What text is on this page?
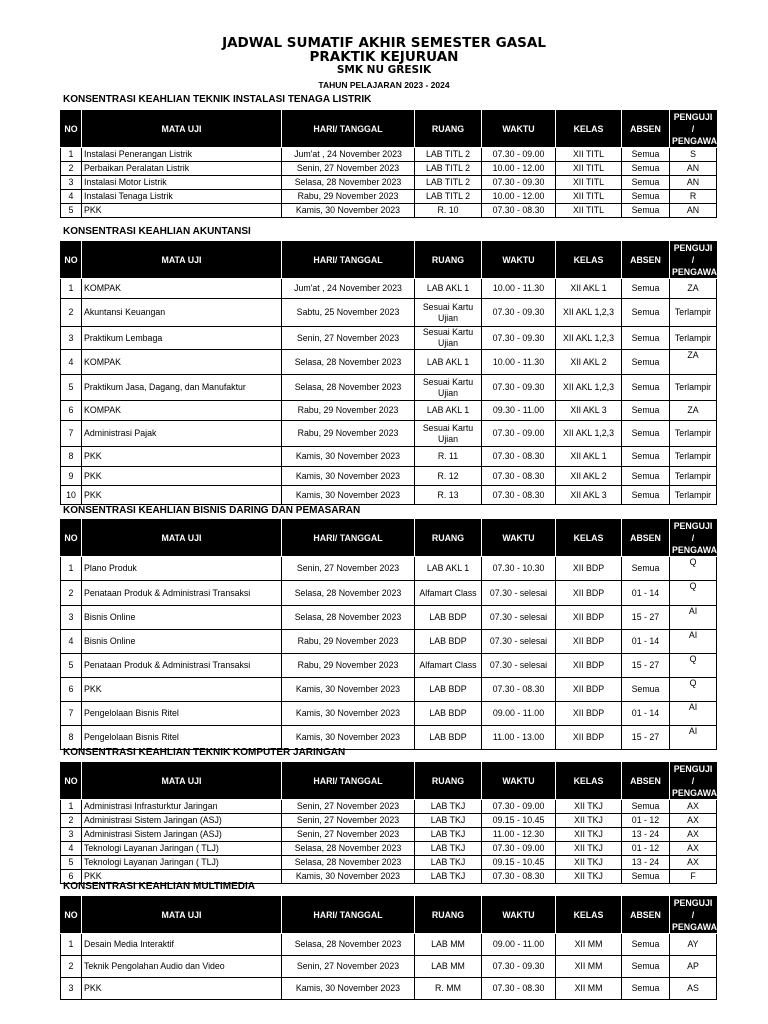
JADWAL SUMATIF AKHIR SEMESTER GASAL
PRAKTIK KEJURUAN
SMK NU GRESIK
TAHUN PELAJARAN 2023 - 2024
KONSENTRASI KEAHLIAN TEKNIK INSTALASI TENAGA LISTRIK
NO	MATA UJI	HARI/ TANGGAL	RUANG	WAKTU	KELAS	ABSEN	PENGUJI / PENGAWAS
1	Instalasi Penerangan Listrik	Jum'at , 24 November 2023	LAB TITL 2	07.30 - 09.00	XII TITL	Semua	S
2	Perbaikan Peralatan Listrik	Senin, 27 November 2023	LAB TITL 2	10.00 - 12.00	XII TITL	Semua	AN
3	Instalasi Motor Listrik	Selasa, 28 November 2023	LAB TITL 2	07.30 - 09.30	XII TITL	Semua	AN
4	Instalasi Tenaga Listrik	Rabu, 29 November 2023	LAB TITL 2	10.00 - 12.00	XII TITL	Semua	R
5	PKK	Kamis, 30 November 2023	R. 10	07.30 - 08.30	XII TITL	Semua	AN
KONSENTRASI KEAHLIAN AKUNTANSI
NO	MATA UJI	HARI/ TANGGAL	RUANG	WAKTU	KELAS	ABSEN	PENGUJI / PENGAWAS
1	KOMPAK	Jum'at , 24 November 2023	LAB AKL 1	10.00 - 11.30	XII AKL 1	Semua	ZA
2	Akuntansi Keuangan	Sabtu, 25 November 2023	Sesuai Kartu Ujian	07.30 - 09.30	XII AKL 1,2,3	Semua	Terlampir
3	Praktikum Lembaga	Senin, 27 November 2023	Sesuai Kartu Ujian	07.30 - 09.30	XII AKL 1,2,3	Semua	Terlampir
4	KOMPAK	Selasa, 28 November 2023	LAB AKL 1	10.00 - 11.30	XII AKL 2	Semua	ZA
5	Praktikum Jasa, Dagang, dan Manufaktur	Selasa, 28 November 2023	Sesuai Kartu Ujian	07.30 - 09.30	XII AKL 1,2,3	Semua	Terlampir
6	KOMPAK	Rabu, 29 November 2023	LAB AKL 1	09.30 - 11.00	XII AKL 3	Semua	ZA
7	Administrasi Pajak	Rabu, 29 November 2023	Sesuai Kartu Ujian	07.30 - 09.00	XII AKL 1,2,3	Semua	Terlampir
8	PKK	Kamis, 30 November 2023	R. 11	07.30 - 08.30	XII AKL 1	Semua	Terlampir
9	PKK	Kamis, 30 November 2023	R. 12	07.30 - 08.30	XII AKL 2	Semua	Terlampir
10	PKK	Kamis, 30 November 2023	R. 13	07.30 - 08.30	XII AKL 3	Semua	Terlampir
KONSENTRASI KEAHLIAN BISNIS DARING DAN PEMASARAN
NO	MATA UJI	HARI/ TANGGAL	RUANG	WAKTU	KELAS	ABSEN	PENGUJI / PENGAWAS
1	Plano Produk	Senin, 27 November 2023	LAB AKL 1	07.30 - 10.30	XII BDP	Semua	Q
2	Penataan Produk & Administrasi Transaksi	Selasa, 28 November 2023	Alfamart Class	07.30 - selesai	XII BDP	01 - 14	Q
3	Bisnis Online	Selasa, 28 November 2023	LAB BDP	07.30 - selesai	XII BDP	15 - 27	AI
4	Bisnis Online	Rabu, 29 November 2023	LAB BDP	07.30 - selesai	XII BDP	01 - 14	AI
5	Penataan Produk & Administrasi Transaksi	Rabu, 29 November 2023	Alfamart Class	07.30 - selesai	XII BDP	15 - 27	Q
6	PKK	Kamis, 30 November 2023	LAB BDP	07.30 - 08.30	XII BDP	Semua	Q
7	Pengelolaan Bisnis Ritel	Kamis, 30 November 2023	LAB BDP	09.00 - 11.00	XII BDP	01 - 14	AI
8	Pengelolaan Bisnis Ritel	Kamis, 30 November 2023	LAB BDP	11.00 - 13.00	XII BDP	15 - 27	AI
KONSENTRASI KEAHLIAN TEKNIK KOMPUTER JARINGAN
NO	MATA UJI	HARI/ TANGGAL	RUANG	WAKTU	KELAS	ABSEN	PENGUJI / PENGAWAS
1	Administrasi Infrasturktur Jaringan	Senin, 27 November 2023	LAB TKJ	07.30 - 09.00	XII TKJ	Semua	AX
2	Administrasi Sistem Jaringan (ASJ)	Senin, 27 November 2023	LAB TKJ	09.15 - 10.45	XII TKJ	01 - 12	AX
3	Administrasi Sistem Jaringan (ASJ)	Senin, 27 November 2023	LAB TKJ	11.00 - 12.30	XII TKJ	13 - 24	AX
4	Teknologi Layanan Jaringan ( TLJ)	Selasa, 28 November 2023	LAB TKJ	07.30 - 09.00	XII TKJ	01 - 12	AX
5	Teknologi Layanan Jaringan ( TLJ)	Selasa, 28 November 2023	LAB TKJ	09.15 - 10.45	XII TKJ	13 - 24	AX
6	PKK	Kamis, 30 November 2023	LAB TKJ	07.30 - 08.30	XII TKJ	Semua	F
KONSENTRASI KEAHLIAN MULTIMEDIA
NO	MATA UJI	HARI/ TANGGAL	RUANG	WAKTU	KELAS	ABSEN	PENGUJI / PENGAWAS
1	Desain Media Interaktif	Selasa, 28 November 2023	LAB MM	09.00 - 11.00	XII MM	Semua	AY
2	Teknik Pengolahan Audio dan Video	Senin, 27 November 2023	LAB MM	07.30 - 09.30	XII MM	Semua	AP
3	PKK	Kamis, 30 November 2023	R. MM	07.30 - 08.30	XII MM	Semua	AS
